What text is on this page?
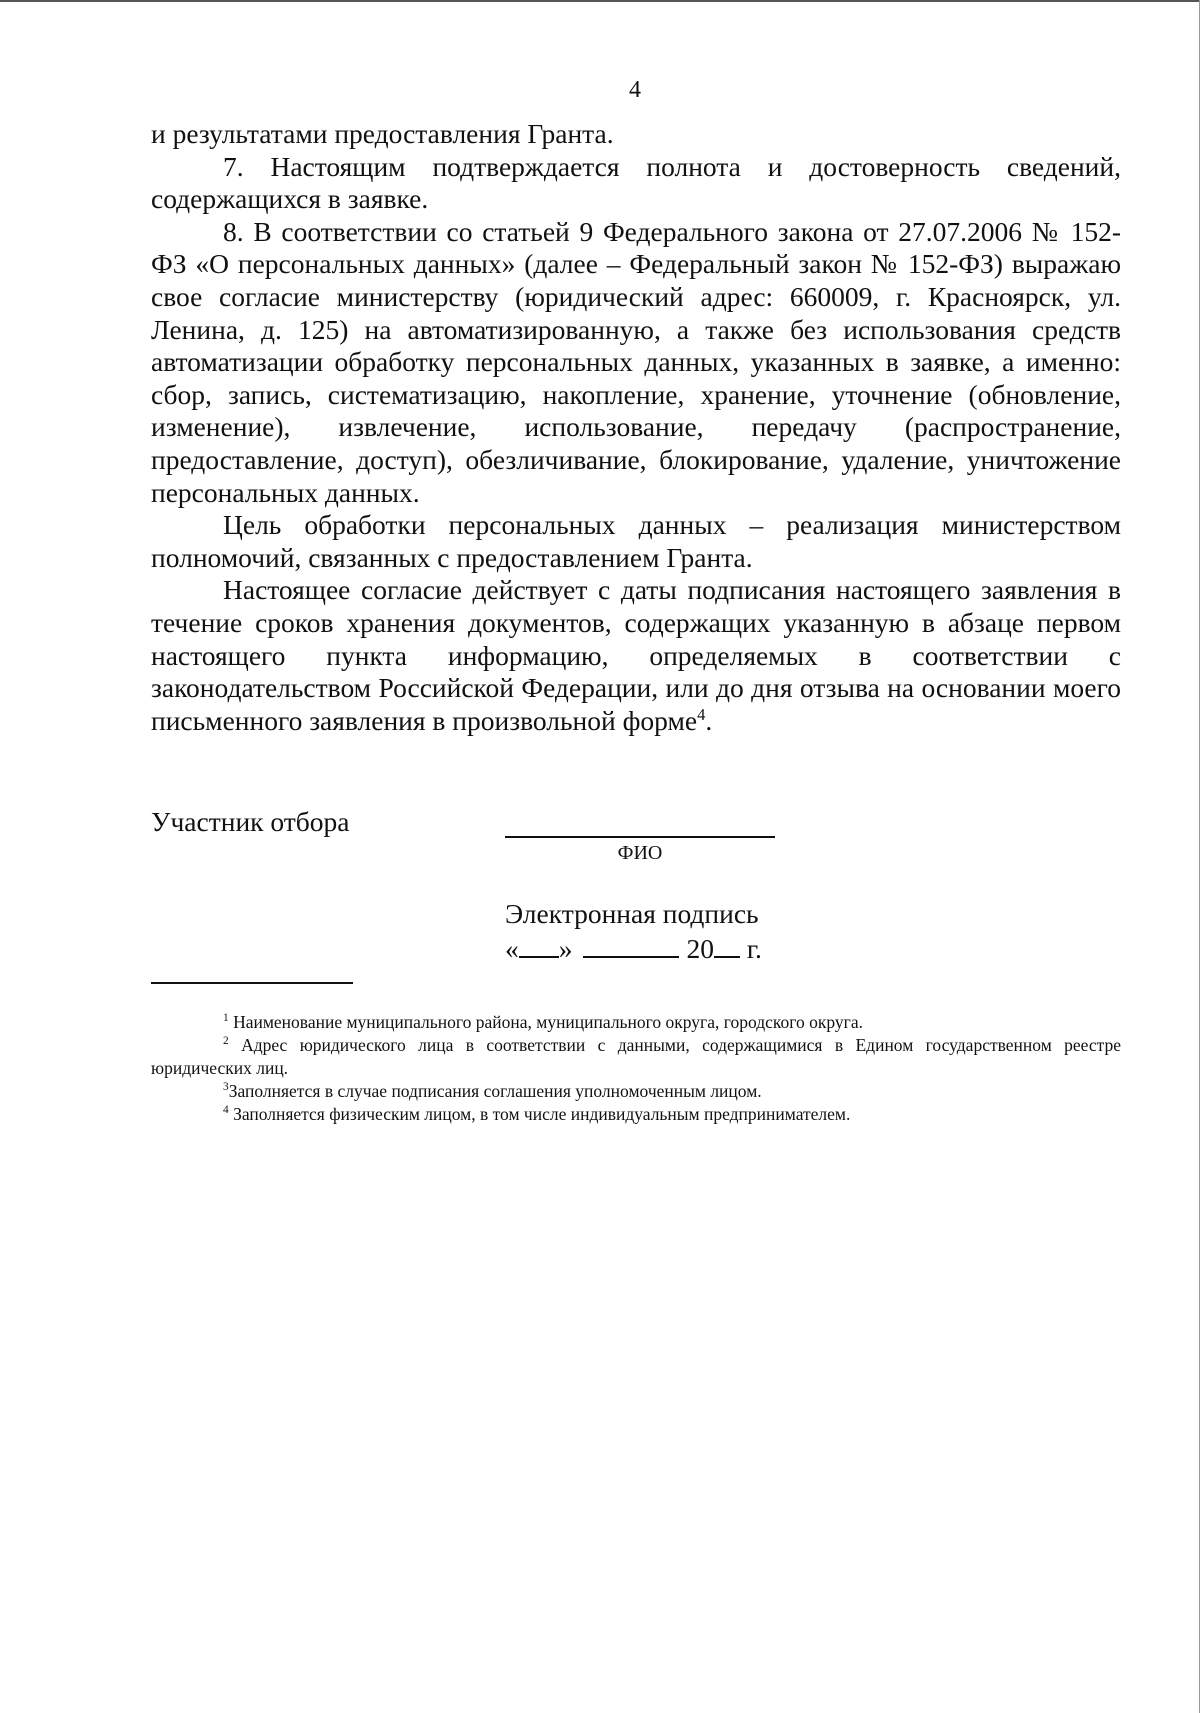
4

и результатами предоставления Гранта.

7. Настоящим подтверждается полнота и достоверность сведений, содержащихся в заявке.

8. В соответствии со статьей 9 Федерального закона от 27.07.2006 № 152-ФЗ «О персональных данных» (далее – Федеральный закон № 152-ФЗ) выражаю свое согласие министерству (юридический адрес: 660009, г. Красноярск, ул. Ленина, д. 125) на автоматизированную, а также без использования средств автоматизации обработку персональных данных, указанных в заявке, а именно: сбор, запись, систематизацию, накопление, хранение, уточнение (обновление, изменение), извлечение, использование, передачу (распространение, предоставление, доступ), обезличивание, блокирование, удаление, уничтожение персональных данных.

Цель обработки персональных данных – реализация министерством полномочий, связанных с предоставлением Гранта.

Настоящее согласие действует с даты подписания настоящего заявления в течение сроков хранения документов, содержащих указанную в абзаце первом настоящего пункта информацию, определяемых в соответствии с законодательством Российской Федерации, или до дня отзыва на основании моего письменного заявления в произвольной форме$^4$.

Участник отбора
ФИО
Электронная подпись
« »	20 г.

$^1$ Наименование муниципального района, муниципального округа, городского округа.

$^2$ Адрес юридического лица в соответствии с данными, содержащимися в Едином государственном реестре юридических лиц.

$^3$Заполняется в случае подписания соглашения уполномоченным лицом.

$^4$ Заполняется физическим лицом, в том числе индивидуальным предпринимателем.
